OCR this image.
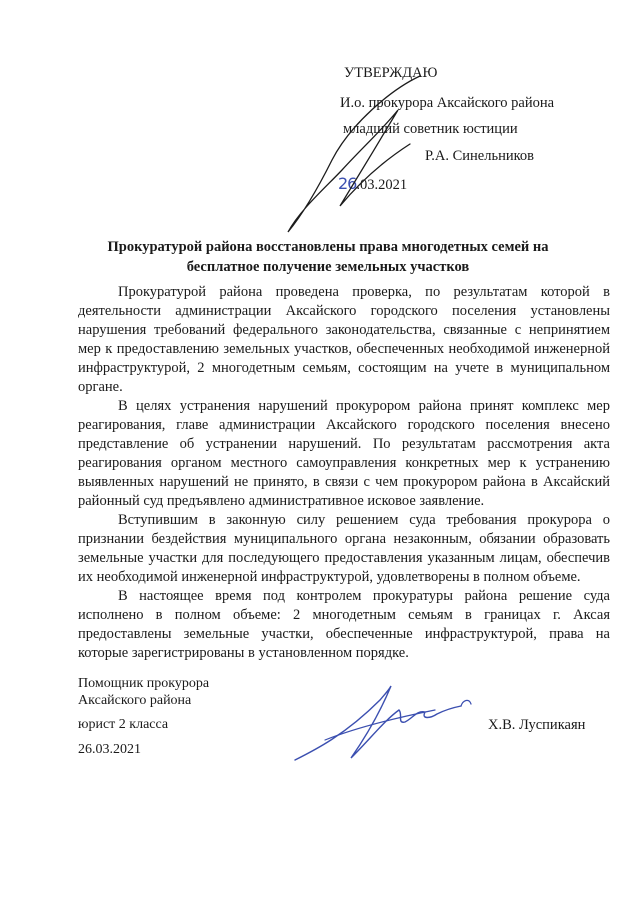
УТВЕРЖДАЮ
И.о. прокурора Аксайского района
младший советник юстиции
Р.А. Синельников
26.03.2021
Прокуратурой района восстановлены права многодетных семей на бесплатное получение земельных участков

Прокуратурой района проведена проверка, по результатам которой в деятельности администрации Аксайского городского поселения установлены нарушения требований федерального законодательства, связанные с непринятием мер к предоставлению земельных участков, обеспеченных необходимой инженерной инфраструктурой, 2 многодетным семьям, состоящим на учете в муниципальном органе.

В целях устранения нарушений прокурором района принят комплекс мер реагирования, главе администрации Аксайского городского поселения внесено представление об устранении нарушений. По результатам рассмотрения акта реагирования органом местного самоуправления конкретных мер к устранению выявленных нарушений не принято, в связи с чем прокурором района в Аксайский районный суд предъявлено административное исковое заявление.

Вступившим в законную силу решением суда требования прокурора о признании бездействия муниципального органа незаконным, обязании образовать земельные участки для последующего предоставления указанным лицам, обеспечив их необходимой инженерной инфраструктурой, удовлетворены в полном объеме.

В настоящее время под контролем прокуратуры района решение суда исполнено в полном объеме: 2 многодетным семьям в границах г. Аксая предоставлены земельные участки, обеспеченные инфраструктурой, права на которые зарегистрированы в установленном порядке.

Помощник прокурора
Аксайского района
юрист 2 класса
26.03.2021
Х.В. Луспикаян
